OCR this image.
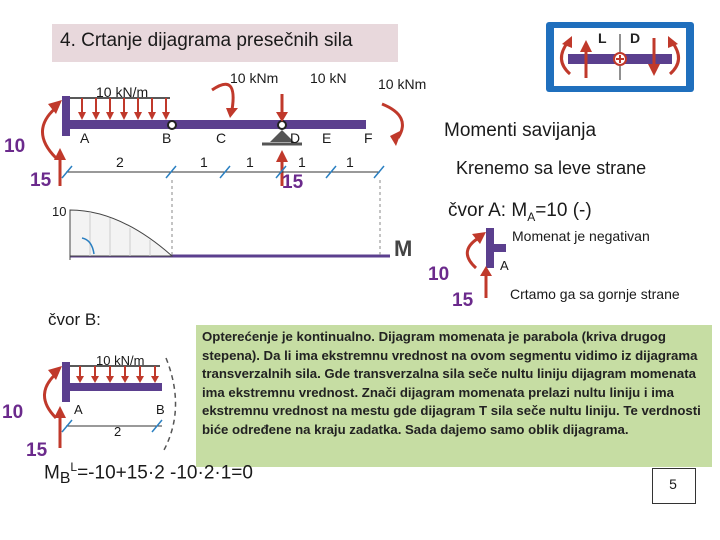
4. Crtanje dijagrama presečnih sila	L D
10 kN/m
10 kNm 10 kN 10 kNm
10
15	15
A	B	C	D E F
2	1	1	1	1
10
M
Momenti savijanja
Krenemo sa leve strane
čvor A: $M_A=10$ (-)
Momenat je negativan
A
10
15	Crtamo ga sa gornje strane
čvor B:
10 kN/m
A	B
2
10
15
Opterećenje je kontinualno. Dijagram momenata je parabola (kriva drugog stepena). Da li ima ekstremnu vrednost na ovom segmentu vidimo iz dijagrama transverzalnih sila. Gde transverzalna sila seče nultu liniju dijagram momenata ima ekstremnu vrednost. Znači dijagram momenata prelazi nultu liniju i ima ekstremnu vrednost na mestu gde dijagram T sila seče nultu liniju. Te verdnosti biće određene na kraju zadatka. Sada dajemo samo oblik dijagrama.
$M_B^L=-10+15\cdot 2$ -10·2·1=0
5
